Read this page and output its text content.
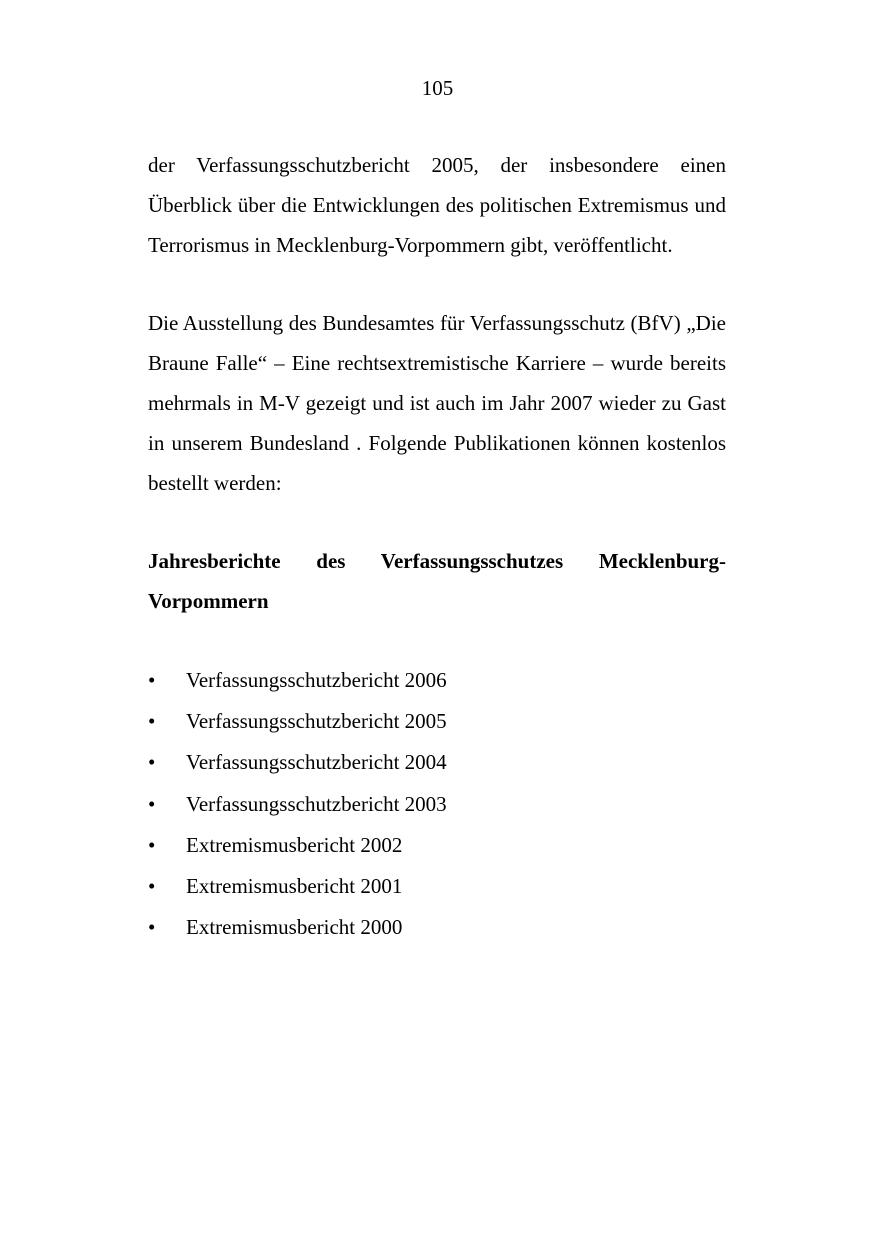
105

der Verfassungsschutzbericht 2005, der insbesondere einen Überblick über die Entwicklungen des politischen Extremismus und Terrorismus in Mecklenburg-Vorpommern gibt, veröffentlicht.

Die Ausstellung des Bundesamtes für Verfassungsschutz (BfV) „Die Braune Falle“ – Eine rechtsextremistische Karriere – wurde bereits mehrmals in M-V gezeigt und ist auch im Jahr 2007 wieder zu Gast in unserem Bundesland . Folgende Publikationen können kostenlos bestellt werden:

Jahresberichte des Verfassungsschutzes Mecklenburg-Vorpommern
• Verfassungsschutzbericht 2006
• Verfassungsschutzbericht 2005
• Verfassungsschutzbericht 2004
• Verfassungsschutzbericht 2003
• Extremismusbericht 2002
• Extremismusbericht 2001
• Extremismusbericht 2000
